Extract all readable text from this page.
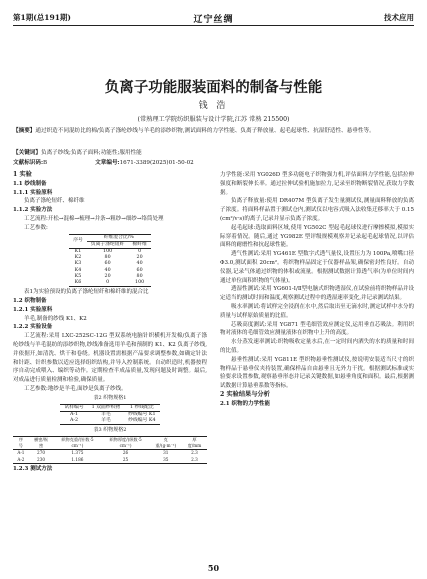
第1期(总191期)	辽宁丝绸	技术应用
负离子功能服装面料的制备与性能
钱 浩
(常熟理工学院纺织服装与设计学院,江苏 常熟 215500)
【摘要】通过织造不同混纺比的棉/负离子涤纶纱线与羊毛的添纱织物,测试面料的力学性能、负离子释放量、起毛起球性、抗湿舒适性、悬垂性等。
【关键词】负离子纱线;负离子面料;功能性;服用性能
文献标识码:B	文章编号:1671-3389(2025)01-50-02
1 实验
1.1 纱线制备
1.1.1 实验原料
负离子涤纶短纤、棉纤维
1.1.2 实验方法
工艺流程:开松→混棉→梳理→并条→粗纱→细纱→络筒处理
工艺参数:
序号	纤维混合比/%	
	负离子涤纶短纤	棉纤维
K1	100	0
K2	80	20
K3	60	40
K4	40	60
K5	20	80
K6	0	100
表1为实验预设的负离子涤纶短纤和棉纤维的混合比
1.2 织物制备
1.2.1 实验原料
羊毛,制备的纱线 K1、K2
1.2.2 实验设备
工艺流程:采用 LXC-252SC-12G 型双系统电脑针织横机开发棉/负离子涤纶纱线与羊毛混纺的添纱织物,纱线准备选用羊毛和预制的 K1、K2 负离子纱线,并依据开,如清洗、烘干和卷绕。机器设置需根据产品要求调整参数,如确定针法和针距、针织参数以适应选择组织结构,并导入控制系统。自动织造时,机器按程序自动完成喂入、编织等动作。定期检查半成品质量,发现问题及时调整。最后,对成品进行质量检测和检验,确保质量。
工艺参数:地纱是羊毛,面纱是负离子纱线。
表2 织物规格1
试样编号	1 双面纱织物	1 纱线配比
A-1	羊毛	纱线编号 K1
A-2	羊毛	纱线编号 K4
表3 织物规格2
序号	横密/纵密	织物克重/(针数·5 cm⁻¹)	织物厚度/(纵数·5 cm⁻¹)	克重/(g·m⁻²)	厚度/mm
A-1	270	1.375	26	31	2.3
A-2	230	1.186	25	35	2.3
1.2.3 测试方法
力学性能:采用 YG026D 型多功能电子织物强力机,评估面料力学性能,包括拉伸强度和断裂伸长率。通过拉伸试验机施加拉力,记录至织物断裂情况,获取力学数据。
负离子释放量:使用 DR407M 型负离子发生量测试仪,测量面料释放的负离子浓度。将面料样品置于测试仓内,测试仪以电容式吸入法收集迁移率大于 0.15 (cm²/v·s)的离子,记录并显示负离子浓度。
起毛起球:选取面料区域,使用 YG502C 型起毛起球仪进行摩擦模拟,模拟实际穿着情况。随后,通过 YG982E 型评级规模观察并记录起毛起球情况,以评估面料的耐磨性和抗起球性能。
透气性测试:采用 YG461E 型数字式透气量仪,设置压力为 100Pa,喷嘴口径 Φ3.0,测试面积 20cm²。将织物样品固定于仪器样品架,确保密封性良好。自动仪器,记录气体通过织物的体积或流量。根据测试数据计算透气率(为单位时间内通过单位面积织物的气体量)。
透湿性测试:采用 YG601-Ⅰ/Ⅱ型电脑式织物透湿仪,在试验前将织物样品并设定适当的测试时间和温度,观察测试过程中的透湿速率变化,并记录测试结果。
吸水率测试:将试样完全浸润在水中,然后取出至无滴水时,测定试样中水分的质量与试样原始质量的比值。
芯吸高度测试:采用 YG871 型毛细管效应测定仪,运用垂直芯吸法。利用织物对液体的毛细管效应测量液体在织物中上升的高度。
水分蒸发速率测试:织物吸收定量水后,在一定时间内洒失的水的质量和时间的比值。
悬垂性测试:采用 YG811E 型织物悬垂性测试仪,按说明安装适当尺寸的织物样品于悬垂仪夹持装置,确保样品自由悬垂且无外力干扰。根据测试标准或实验要求设置参数,观察悬垂形态并记录关键数据,如悬垂角度和面积。最后,根据测试数据计算悬垂系数等指标。
2 实验结果与分析
2.1 织物的力学性能
50
